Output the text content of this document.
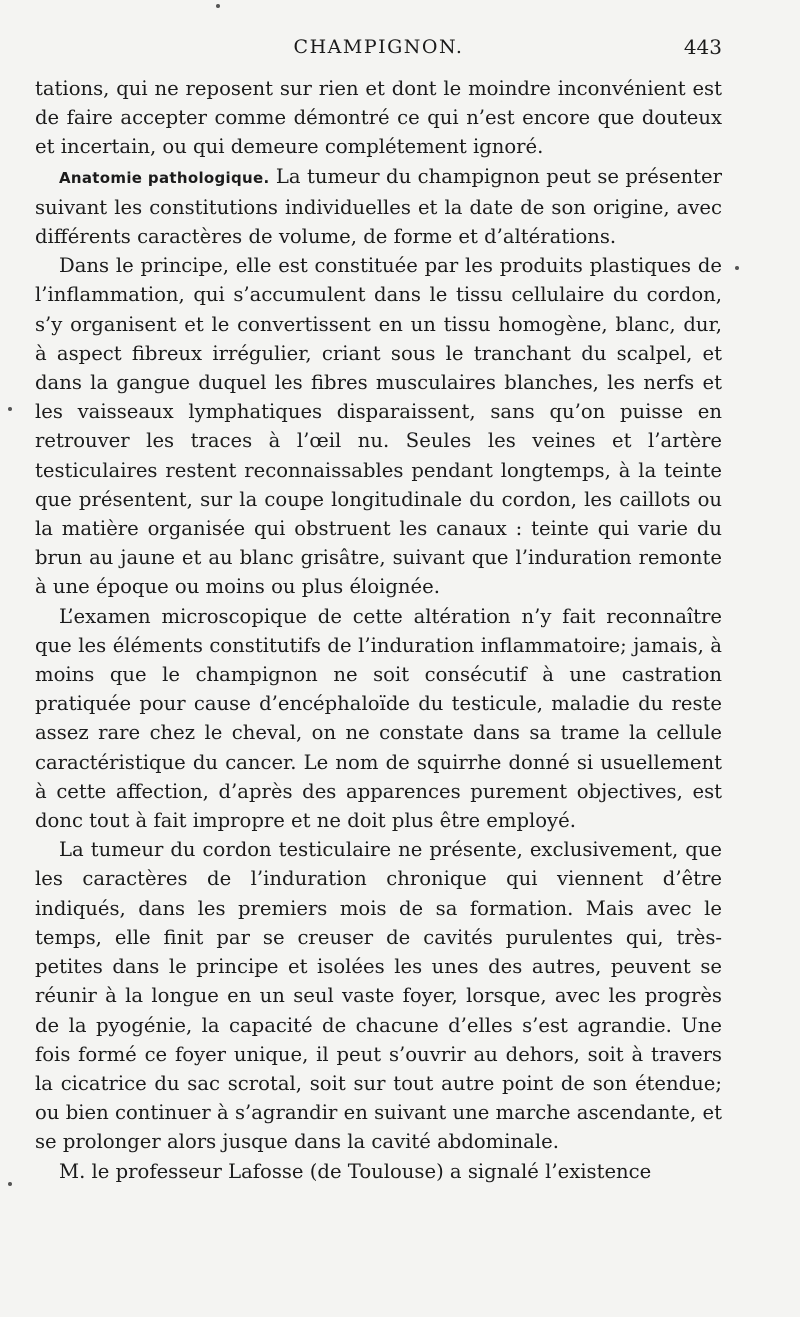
CHAMPIGNON.	443

tations, qui ne reposent sur rien et dont le moindre inconvénient est de faire accepter comme démontré ce qui n’est encore que douteux et incertain, ou qui demeure complétement ignoré.

Anatomie pathologique. La tumeur du champignon peut se présenter suivant les constitutions individuelles et la date de son origine, avec différents caractères de volume, de forme et d’altérations.

Dans le principe, elle est constituée par les produits plastiques de l’inflammation, qui s’accumulent dans le tissu cellulaire du cordon, s’y organisent et le convertissent en un tissu homogène, blanc, dur, à aspect fibreux irrégulier, criant sous le tranchant du scalpel, et dans la gangue duquel les fibres musculaires blanches, les nerfs et les vaisseaux lymphatiques disparaissent, sans qu’on puisse en retrouver les traces à l’œil nu. Seules les veines et l’artère testiculaires restent reconnaissables pendant longtemps, à la teinte que présentent, sur la coupe longitudinale du cordon, les caillots ou la matière organisée qui obstruent les canaux : teinte qui varie du brun au jaune et au blanc grisâtre, suivant que l’induration remonte à une époque ou moins ou plus éloignée.

L’examen microscopique de cette altération n’y fait reconnaître que les éléments constitutifs de l’induration inflammatoire; jamais, à moins que le champignon ne soit consécutif à une castration pratiquée pour cause d’encéphaloïde du testicule, maladie du reste assez rare chez le cheval, on ne constate dans sa trame la cellule caractéristique du cancer. Le nom de squirrhe donné si usuellement à cette affection, d’après des apparences purement objectives, est donc tout à fait impropre et ne doit plus être employé.

La tumeur du cordon testiculaire ne présente, exclusivement, que les caractères de l’induration chronique qui viennent d’être indiqués, dans les premiers mois de sa formation. Mais avec le temps, elle finit par se creuser de cavités purulentes qui, très-petites dans le principe et isolées les unes des autres, peuvent se réunir à la longue en un seul vaste foyer, lorsque, avec les progrès de la pyogénie, la capacité de chacune d’elles s’est agrandie. Une fois formé ce foyer unique, il peut s’ouvrir au dehors, soit à travers la cicatrice du sac scrotal, soit sur tout autre point de son étendue; ou bien continuer à s’agrandir en suivant une marche ascendante, et se prolonger alors jusque dans la cavité abdominale.

M. le professeur Lafosse (de Toulouse) a signalé l’existence
